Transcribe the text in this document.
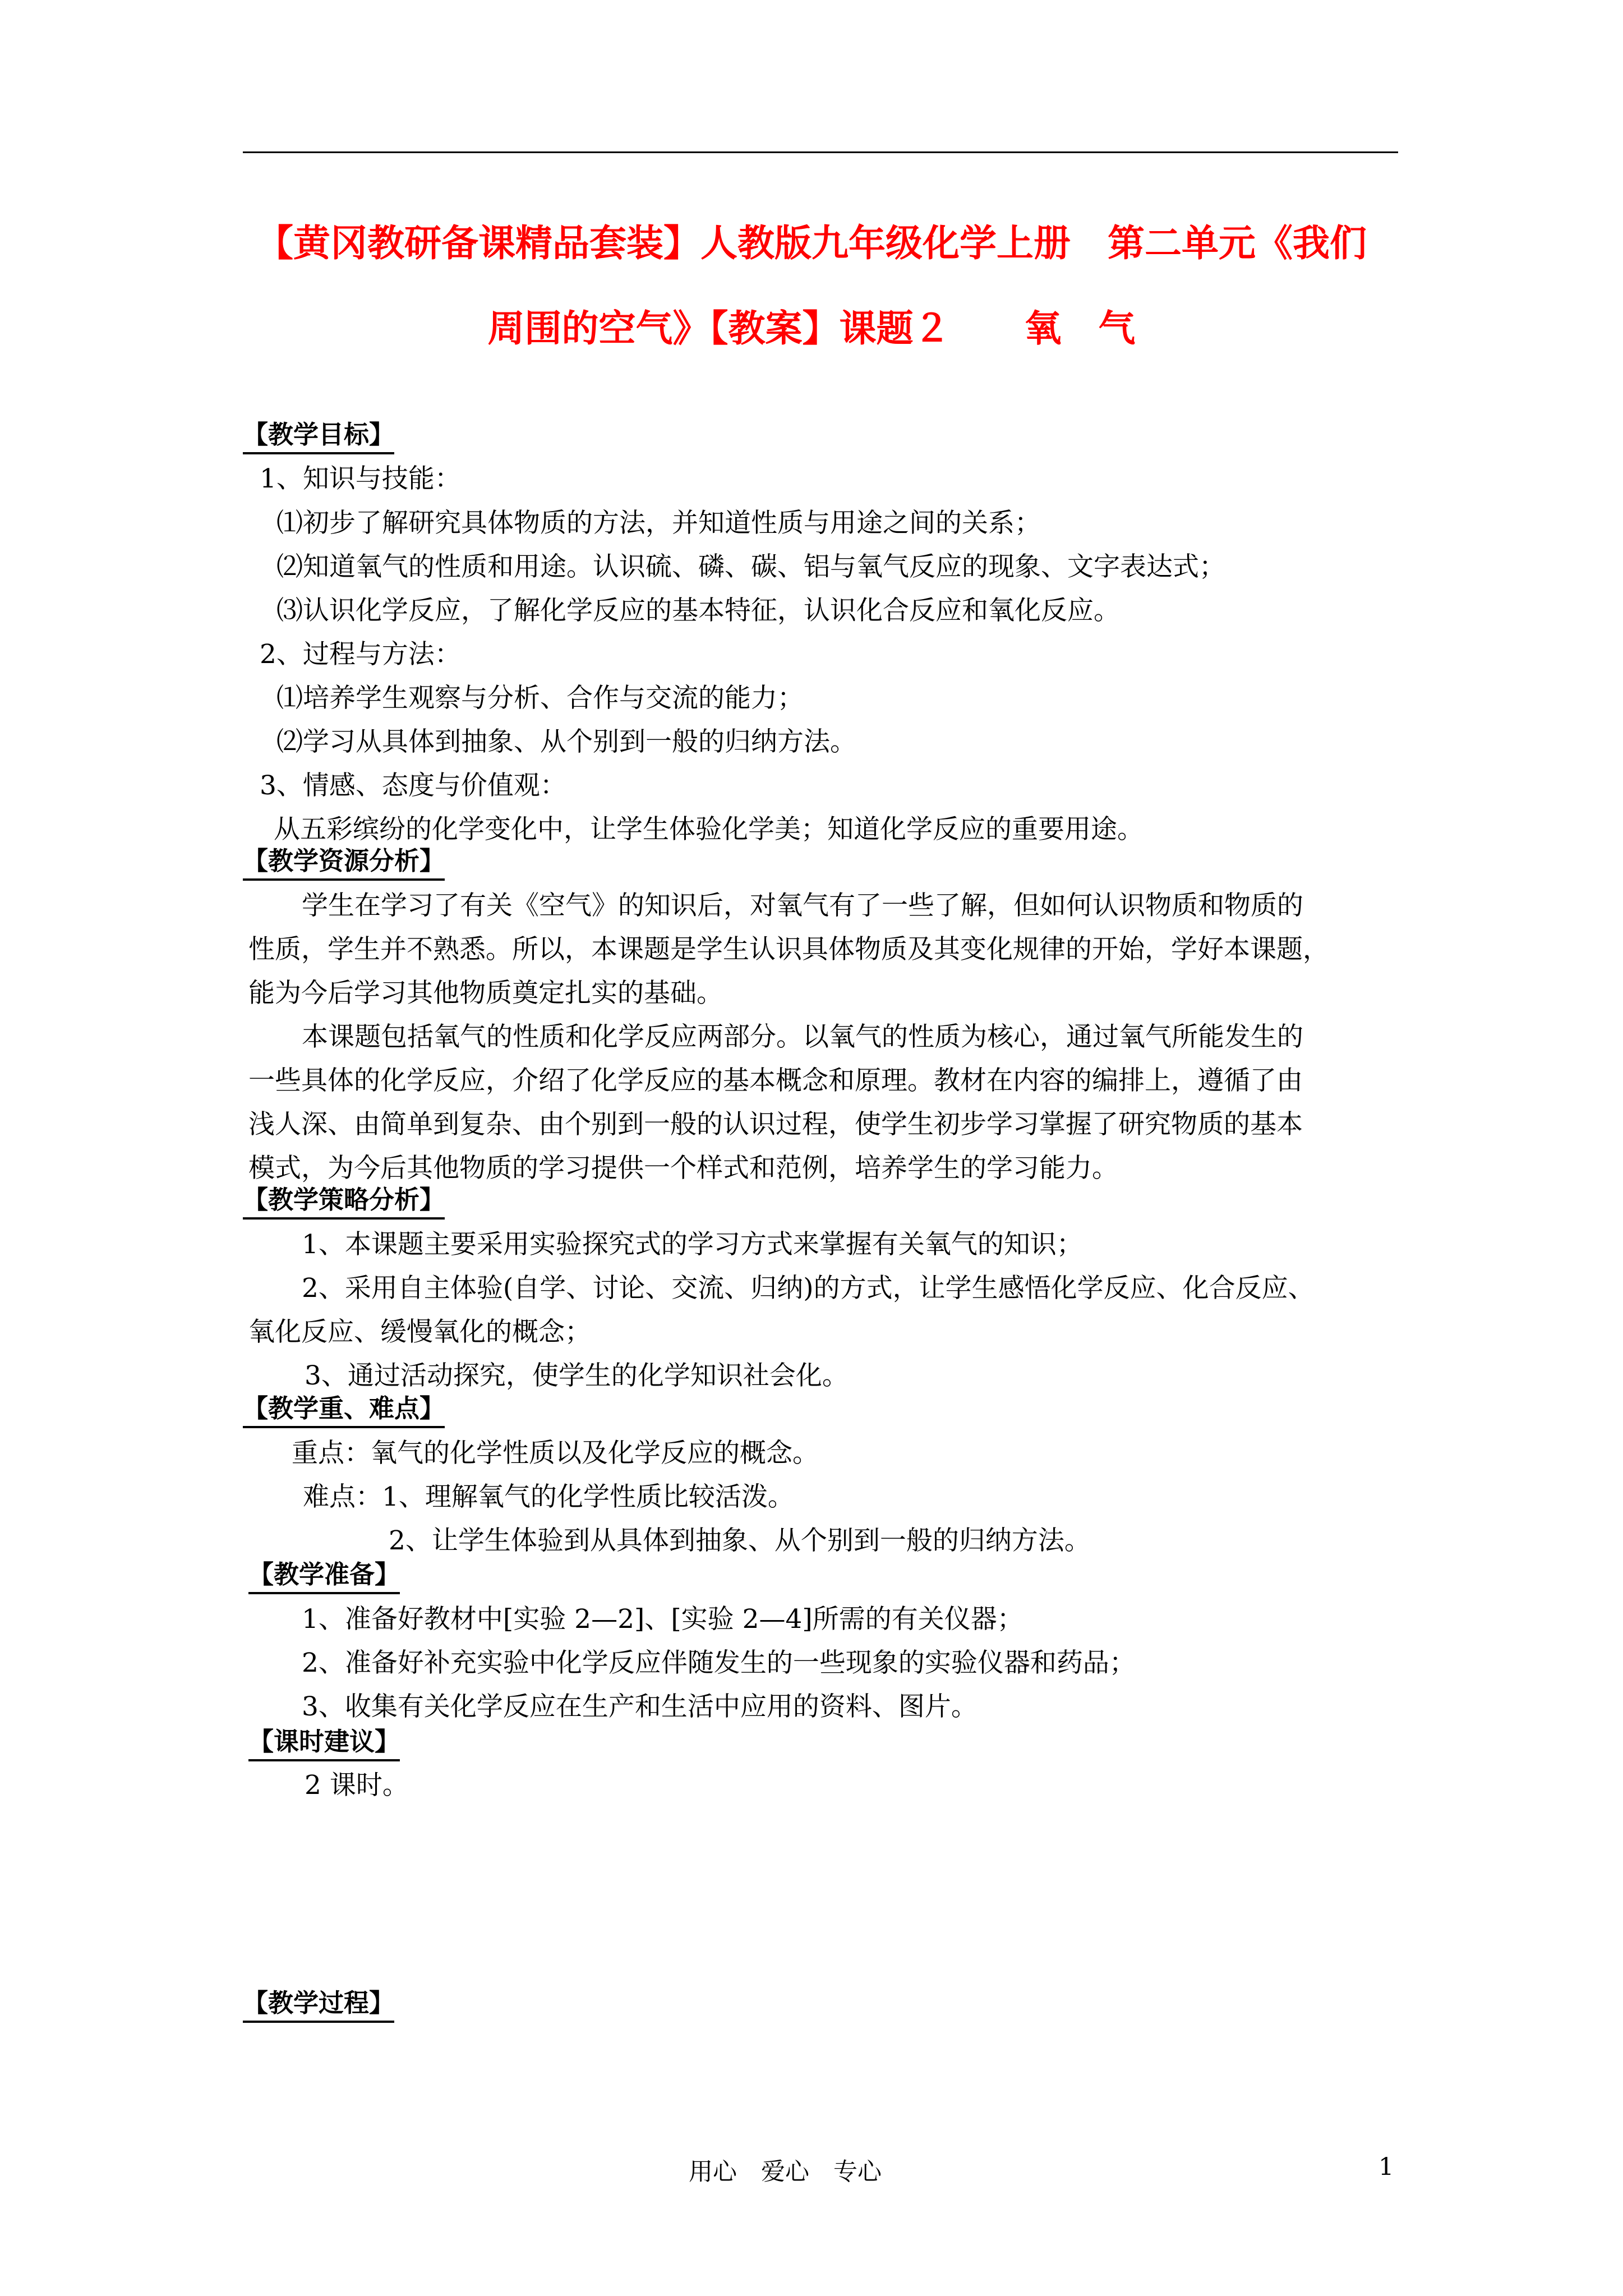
【黄冈教研备课精品套装】人教版九年级化学上册　第二单元《我们
周围的空气》【教案】课题２　　氧　气
【教学目标】
1、知识与技能：
⑴初步了解研究具体物质的方法，并知道性质与用途之间的关系；
⑵知道氧气的性质和用途。认识硫、磷、碳、铝与氧气反应的现象、文字表达式；
⑶认识化学反应，了解化学反应的基本特征，认识化合反应和氧化反应。
2、过程与方法：
⑴培养学生观察与分析、合作与交流的能力；
⑵学习从具体到抽象、从个别到一般的归纳方法。
3、情感、态度与价值观：
从五彩缤纷的化学变化中，让学生体验化学美；知道化学反应的重要用途。
【教学资源分析】
学生在学习了有关《空气》的知识后，对氧气有了一些了解，但如何认识物质和物质的
性质，学生并不熟悉。所以，本课题是学生认识具体物质及其变化规律的开始，学好本课题，
能为今后学习其他物质奠定扎实的基础。
本课题包括氧气的性质和化学反应两部分。以氧气的性质为核心，通过氧气所能发生的
一些具体的化学反应，介绍了化学反应的基本概念和原理。教材在内容的编排上，遵循了由
浅人深、由简单到复杂、由个别到一般的认识过程，使学生初步学习掌握了研究物质的基本
模式，为今后其他物质的学习提供一个样式和范例，培养学生的学习能力。
【教学策略分析】
1、本课题主要采用实验探究式的学习方式来掌握有关氧气的知识；
2、采用自主体验(自学、讨论、交流、归纳)的方式，让学生感悟化学反应、化合反应、
氧化反应、缓慢氧化的概念；
3、通过活动探究，使学生的化学知识社会化。
【教学重、难点】
重点：氧气的化学性质以及化学反应的概念。
难点：1、理解氧气的化学性质比较活泼。
2、让学生体验到从具体到抽象、从个别到一般的归纳方法。
【教学准备】
1、准备好教材中[实验 2—2]、[实验 2—4]所需的有关仪器；
2、准备好补充实验中化学反应伴随发生的一些现象的实验仪器和药品；
3、收集有关化学反应在生产和生活中应用的资料、图片。
【课时建议】
2 课时。
【教学过程】
用心　爱心　专心	1
